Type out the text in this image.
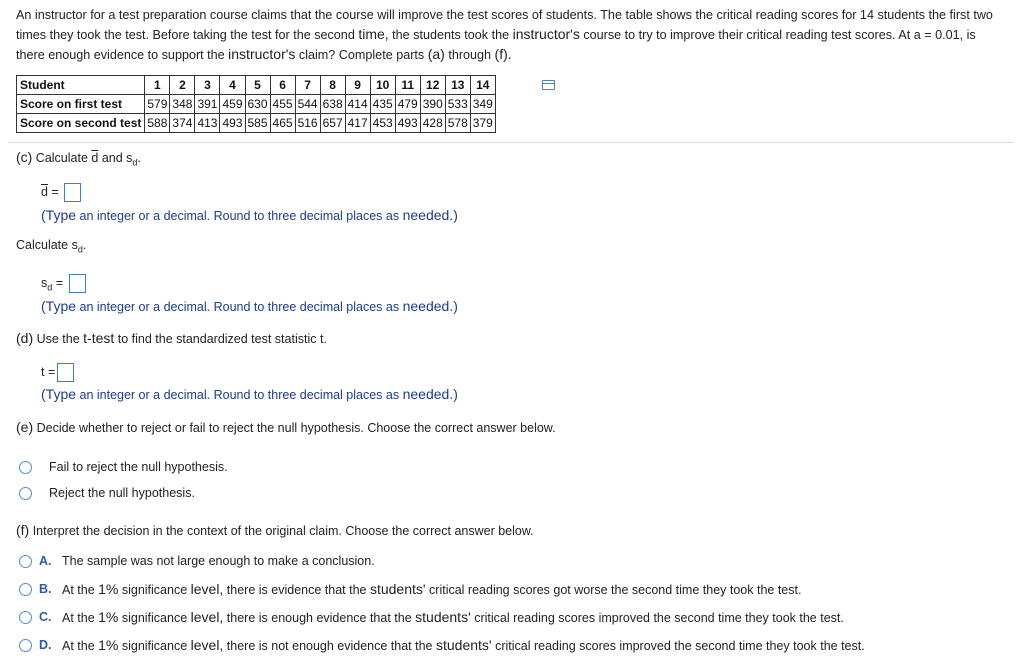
An instructor for a test preparation course claims that the course will improve the test scores of students. The table shows the critical reading scores for 14 students the first two times they took the test. Before taking the test for the second time, the students took the instructor's course to try to improve their critical reading test scores. At a = 0.01, is there enough evidence to support the instructor's claim? Complete parts (a) through (f).
Student	1	2	3	4	5	6	7	8	9	10	11	12	13	14
Score on first test	579	348	391	459	630	455	544	638	414	435	479	390	533	349
Score on second test	588	374	413	493	585	465	516	657	417	453	493	428	578	379
(c) Calculate $\overline{d}$ and $s_d$.
$\overline{d}$ =
(Type an integer or a decimal. Round to three decimal places as needed.)
Calculate $s_d$.
$s_d$ =
(Type an integer or a decimal. Round to three decimal places as needed.)
(d) Use the t-test to find the standardized test statistic t.
t =
(Type an integer or a decimal. Round to three decimal places as needed.)
(e) Decide whether to reject or fail to reject the null hypothesis. Choose the correct answer below.
Fail to reject the null hypothesis.
Reject the null hypothesis.
(f) Interpret the decision in the context of the original claim. Choose the correct answer below.
A. The sample was not large enough to make a conclusion.
B. At the 1% significance level, there is evidence that the students' critical reading scores got worse the second time they took the test.
C. At the 1% significance level, there is enough evidence that the students' critical reading scores improved the second time they took the test.
D. At the 1% significance level, there is not enough evidence that the students' critical reading scores improved the second time they took the test.
